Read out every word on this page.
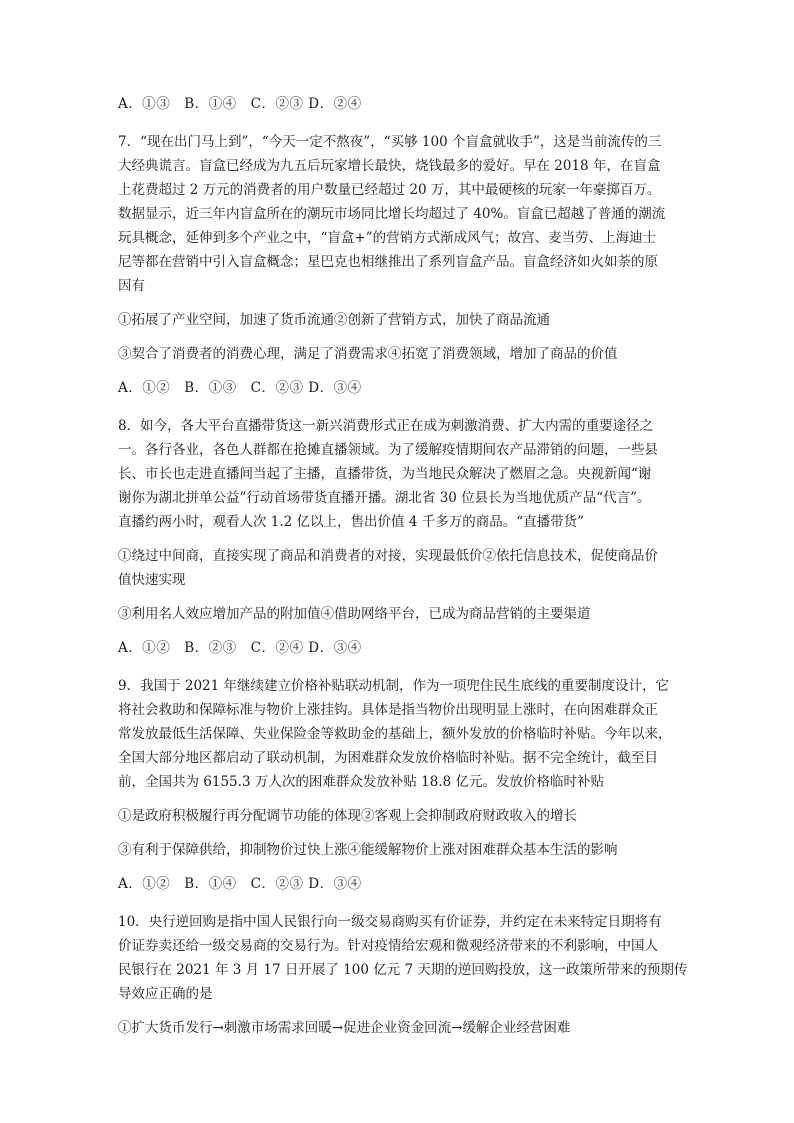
A．①③　B．①④　C．②③ D．②④
7．“现在出门马上到”，“今天一定不熬夜”，“买够 100 个盲盒就收手”，这是当前流传的三
大经典谎言。盲盒已经成为九五后玩家增长最快，烧钱最多的爱好。早在 2018 年，在盲盒
上花费超过 2 万元的消费者的用户数量已经超过 20 万，其中最硬核的玩家一年豪掷百万。
数据显示，近三年内盲盒所在的潮玩市场同比增长均超过了 40%。盲盒已超越了普通的潮流
玩具概念，延伸到多个产业之中，“盲盒+”的营销方式渐成风气；故宫、麦当劳、上海迪士
尼等都在营销中引入盲盒概念；星巴克也相继推出了系列盲盒产品。盲盒经济如火如荼的原
因有
①拓展了产业空间，加速了货币流通②创新了营销方式，加快了商品流通
③契合了消费者的消费心理，满足了消费需求④拓宽了消费领域，增加了商品的价值
A．①②　B．①③　C．②③ D．③④
8．如今，各大平台直播带货这一新兴消费形式正在成为刺激消费、扩大内需的重要途径之
一。各行各业，各色人群都在抢摊直播领域。为了缓解疫情期间农产品滞销的问题，一些县
长、市长也走进直播间当起了主播，直播带货，为当地民众解决了燃眉之急。央视新闻“谢
谢你为湖北拼单公益”行动首场带货直播开播。湖北省 30 位县长为当地优质产品“代言”。
直播约两小时，观看人次 1.2 亿以上，售出价值 4 千多万的商品。“直播带货”
①绕过中间商，直接实现了商品和消费者的对接，实现最低价②依托信息技术，促使商品价
值快速实现
③利用名人效应增加产品的附加值④借助网络平台，已成为商品营销的主要渠道
A．①②　B．②③　C．②④ D．③④
9．我国于 2021 年继续建立价格补贴联动机制，作为一项兜住民生底线的重要制度设计，它
将社会救助和保障标准与物价上涨挂钩。具体是指当物价出现明显上涨时，在向困难群众正
常发放最低生活保障、失业保险金等救助金的基础上，额外发放的价格临时补贴。今年以来，
全国大部分地区都启动了联动机制，为困难群众发放价格临时补贴。据不完全统计，截至目
前，全国共为 6155.3 万人次的困难群众发放补贴 18.8 亿元。发放价格临时补贴
①是政府积极履行再分配调节功能的体现②客观上会抑制政府财政收入的增长
③有利于保障供给，抑制物价过快上涨④能缓解物价上涨对困难群众基本生活的影响
A．①②　B．①④　C．②③ D．③④
10．央行逆回购是指中国人民银行向一级交易商购买有价证券，并约定在未来特定日期将有
价证券卖还给一级交易商的交易行为。针对疫情给宏观和微观经济带来的不利影响，中国人
民银行在 2021 年 3 月 17 日开展了 100 亿元 7 天期的逆回购投放，这一政策所带来的预期传
导效应正确的是
①扩大货币发行→刺激市场需求回暖→促进企业资金回流→缓解企业经营困难
